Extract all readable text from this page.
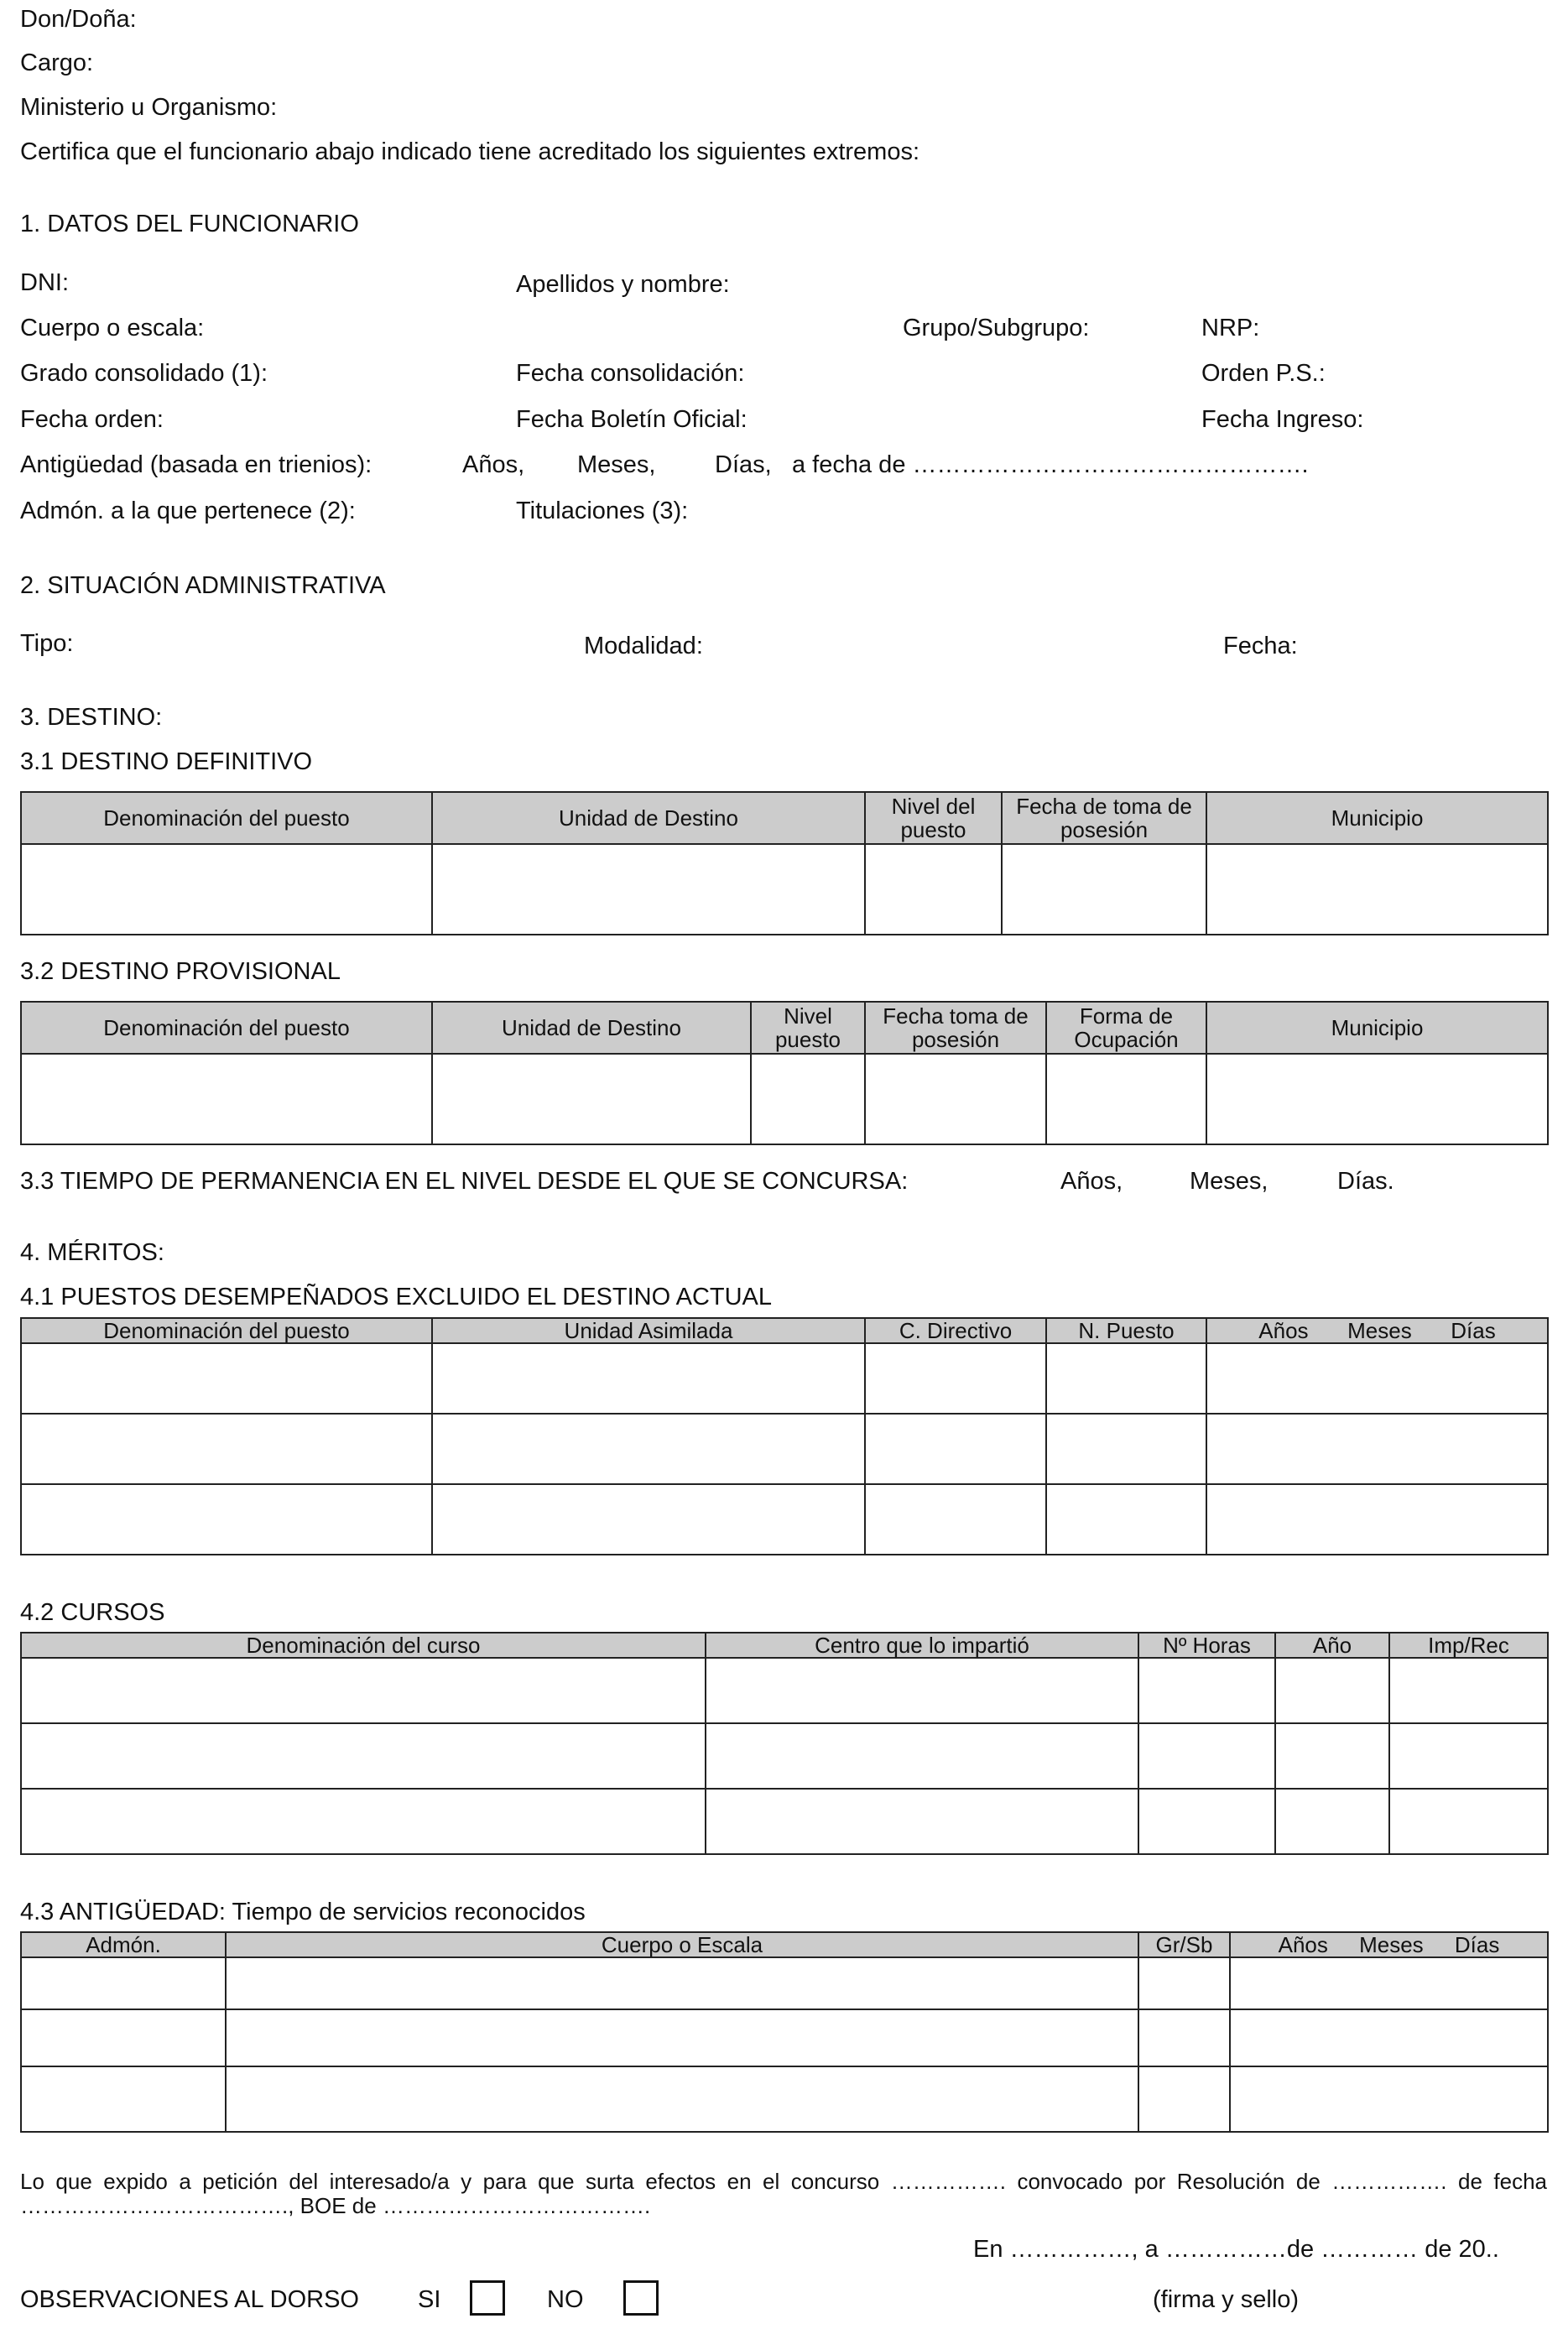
Don/Doña:
Cargo:
Ministerio u Organismo:
Certifica que el funcionario abajo indicado tiene acreditado los siguientes extremos:
1. DATOS DEL FUNCIONARIO
DNI:	Apellidos y nombre:
Cuerpo o escala:	Grupo/Subgrupo:	NRP:
Grado consolidado (1):	Fecha consolidación:	Orden P.S.:
Fecha orden:	Fecha Boletín Oficial:	Fecha Ingreso:
Antigüedad (basada en trienios):	Años, Meses, Días, a fecha de ………………………………………….
Admón. a la que pertenece (2):	Titulaciones (3):
2. SITUACIÓN ADMINISTRATIVA
Tipo:	Modalidad:	Fecha:
3. DESTINO:
3.1 DESTINO DEFINITIVO
Denominación del puesto	Unidad de Destino	Nivel del puesto	Fecha de toma de posesión	Municipio

3.2 DESTINO PROVISIONAL
Denominación del puesto	Unidad de Destino	Nivel puesto	Fecha toma de posesión	Forma de Ocupación	Municipio

3.3 TIEMPO DE PERMANENCIA EN EL NIVEL DESDE EL QUE SE CONCURSA:	Años,	Meses,	Días.
4. MÉRITOS:
4.1 PUESTOS DESEMPEÑADOS EXCLUIDO EL DESTINO ACTUAL
Denominación del puesto	Unidad Asimilada	C. Directivo	N. Puesto	Años Meses Días

4.2 CURSOS
Denominación del curso	Centro que lo impartió	Nº Horas	Año	Imp/Rec

4.3 ANTIGÜEDAD: Tiempo de servicios reconocidos
Admón.	Cuerpo o Escala	Gr/Sb	Años Meses Días

Lo que expido a petición del interesado/a y para que surta efectos en el concurso ……………. convocado por Resolución de ……………. de fecha
………………………………., BOE de ……………………………….
En ……………, a ……………de ………… de 20..
OBSERVACIONES AL DORSO SI	NO	(firma y sello)
